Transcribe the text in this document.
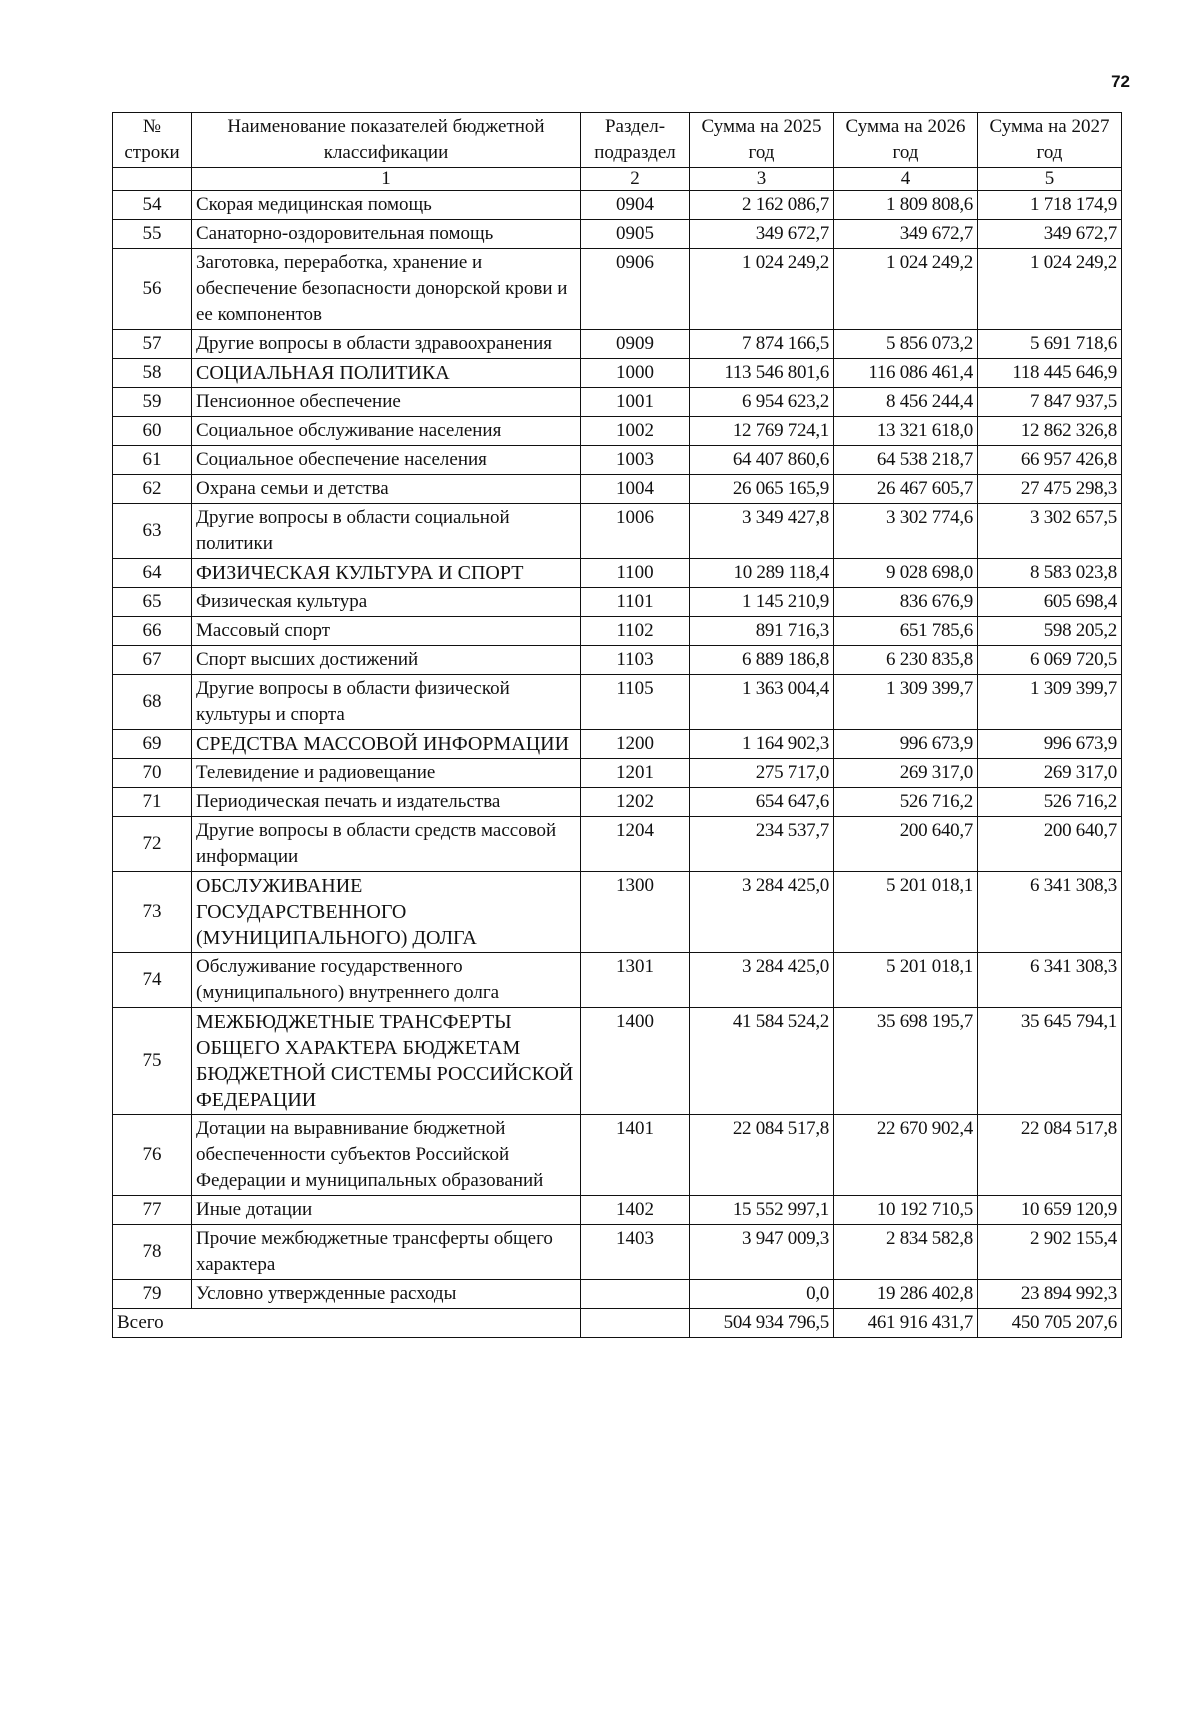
72
№ строки	Наименование показателей бюджетной классификации	Раздел-подраздел	Сумма на 2025 год	Сумма на 2026 год	Сумма на 2027 год
	1	2	3	4	5
54	Скорая медицинская помощь	0904	2 162 086,7	1 809 808,6	1 718 174,9
55	Санаторно-оздоровительная помощь	0905	349 672,7	349 672,7	349 672,7
56	Заготовка, переработка, хранение и обеспечение безопасности донорской крови и ее компонентов	0906	1 024 249,2	1 024 249,2	1 024 249,2
57	Другие вопросы в области здравоохранения	0909	7 874 166,5	5 856 073,2	5 691 718,6
58	СОЦИАЛЬНАЯ ПОЛИТИКА	1000	113 546 801,6	116 086 461,4	118 445 646,9
59	Пенсионное обеспечение	1001	6 954 623,2	8 456 244,4	7 847 937,5
60	Социальное обслуживание населения	1002	12 769 724,1	13 321 618,0	12 862 326,8
61	Социальное обеспечение населения	1003	64 407 860,6	64 538 218,7	66 957 426,8
62	Охрана семьи и детства	1004	26 065 165,9	26 467 605,7	27 475 298,3
63	Другие вопросы в области социальной политики	1006	3 349 427,8	3 302 774,6	3 302 657,5
64	ФИЗИЧЕСКАЯ КУЛЬТУРА И СПОРТ	1100	10 289 118,4	9 028 698,0	8 583 023,8
65	Физическая культура	1101	1 145 210,9	836 676,9	605 698,4
66	Массовый спорт	1102	891 716,3	651 785,6	598 205,2
67	Спорт высших достижений	1103	6 889 186,8	6 230 835,8	6 069 720,5
68	Другие вопросы в области физической культуры и спорта	1105	1 363 004,4	1 309 399,7	1 309 399,7
69	СРЕДСТВА МАССОВОЙ ИНФОРМАЦИИ	1200	1 164 902,3	996 673,9	996 673,9
70	Телевидение и радиовещание	1201	275 717,0	269 317,0	269 317,0
71	Периодическая печать и издательства	1202	654 647,6	526 716,2	526 716,2
72	Другие вопросы в области средств массовой информации	1204	234 537,7	200 640,7	200 640,7
73	ОБСЛУЖИВАНИЕ ГОСУДАРСТВЕННОГО (МУНИЦИПАЛЬНОГО) ДОЛГА	1300	3 284 425,0	5 201 018,1	6 341 308,3
74	Обслуживание государственного (муниципального) внутреннего долга	1301	3 284 425,0	5 201 018,1	6 341 308,3
75	МЕЖБЮДЖЕТНЫЕ ТРАНСФЕРТЫ ОБЩЕГО ХАРАКТЕРА БЮДЖЕТАМ БЮДЖЕТНОЙ СИСТЕМЫ РОССИЙСКОЙ ФЕДЕРАЦИИ	1400	41 584 524,2	35 698 195,7	35 645 794,1
76	Дотации на выравнивание бюджетной обеспеченности субъектов Российской Федерации и муниципальных образований	1401	22 084 517,8	22 670 902,4	22 084 517,8
77	Иные дотации	1402	15 552 997,1	10 192 710,5	10 659 120,9
78	Прочие межбюджетные трансферты общего характера	1403	3 947 009,3	2 834 582,8	2 902 155,4
79	Условно утвержденные расходы		0,0	19 286 402,8	23 894 992,3
Всего			504 934 796,5	461 916 431,7	450 705 207,6
